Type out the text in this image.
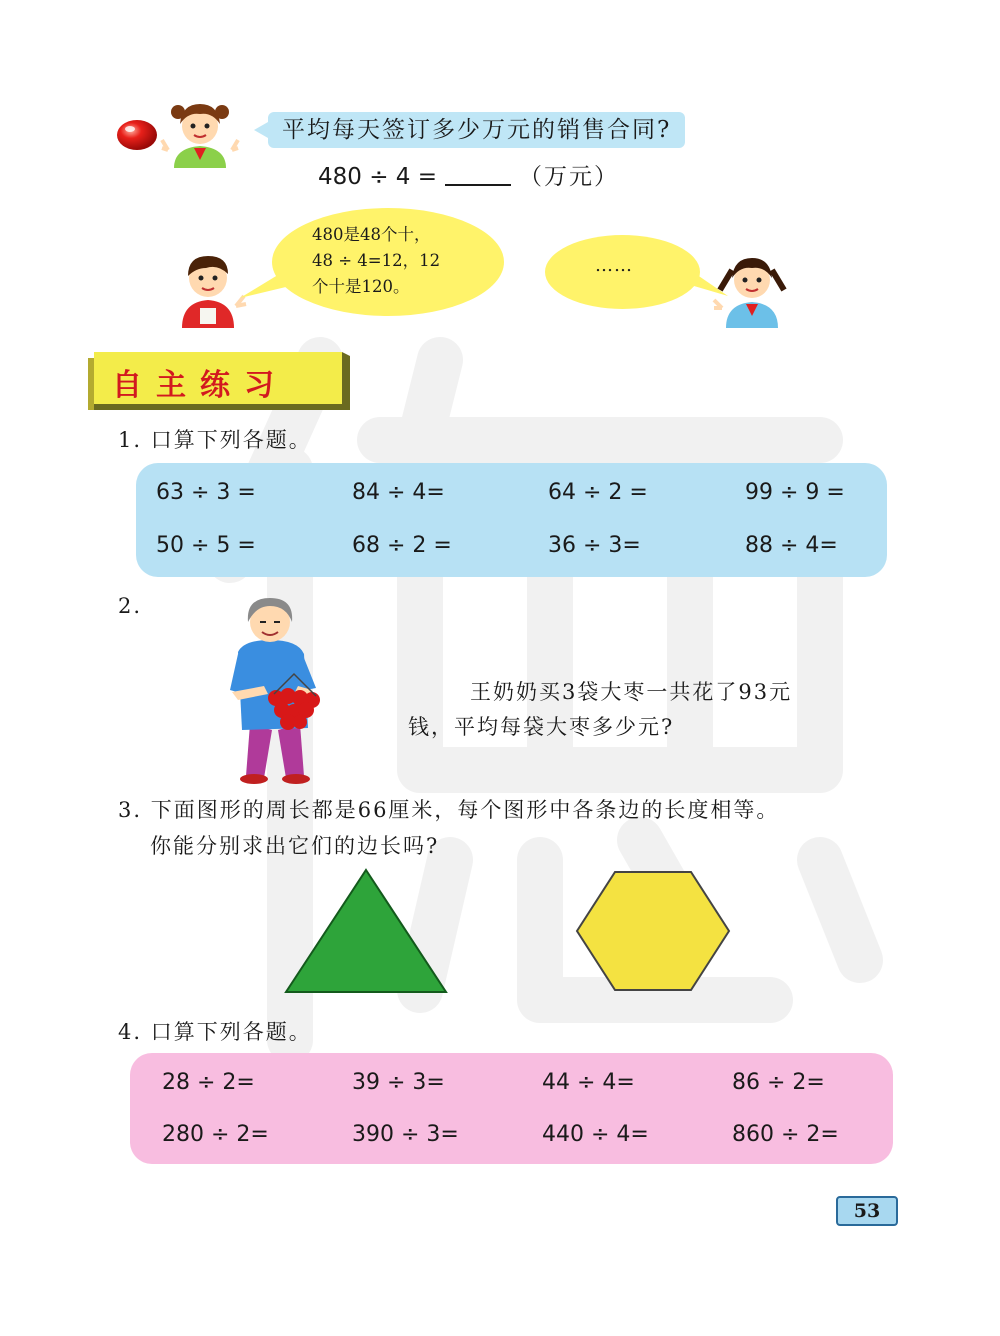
平均每天签订多少万元的销售合同?
480 ÷ 4 =	（万元）
480是48个十，
48 ÷ 4=12，12
个十是120。
……
自主练习
1. 口算下列各题。
63 ÷ 3 =	84 ÷ 4=	64 ÷ 2 =	99 ÷ 9 =
50 ÷ 5 =	68 ÷ 2 =	36 ÷ 3=	88 ÷ 4=
2.
王奶奶买3袋大枣一共花了93元
钱，平均每袋大枣多少元?
3. 下面图形的周长都是66厘米，每个图形中各条边的长度相等。
你能分别求出它们的边长吗?
4. 口算下列各题。
28 ÷ 2=	39 ÷ 3=	44 ÷ 4=	86 ÷ 2=
280 ÷ 2=	390 ÷ 3=	440 ÷ 4=	860 ÷ 2=
53
